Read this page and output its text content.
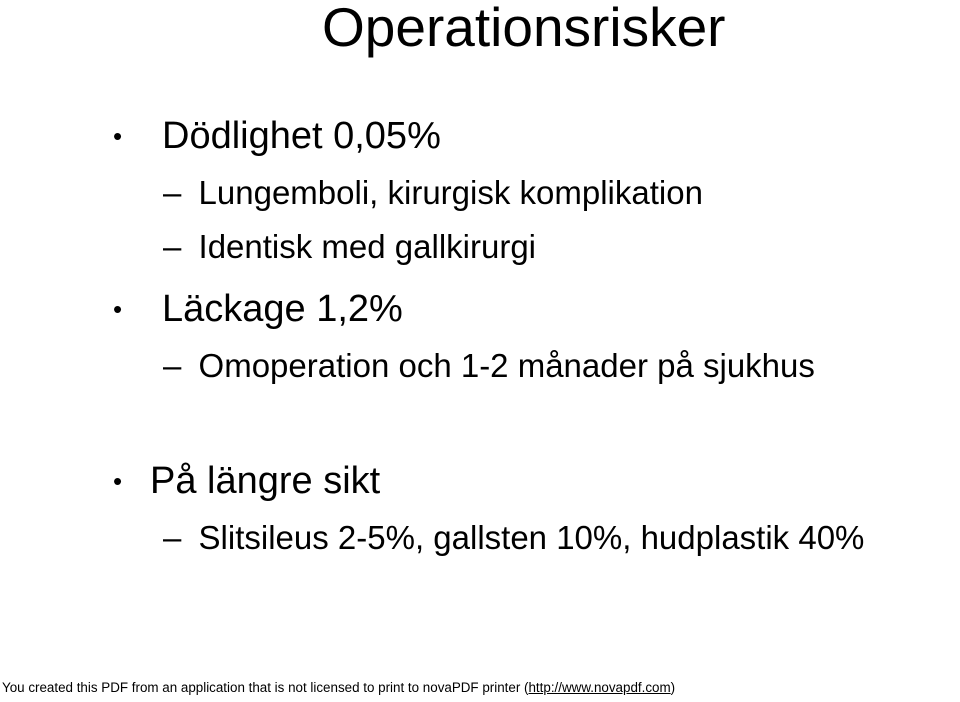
Operationsrisker
• Dödlighet 0,05%
– Lungemboli, kirurgisk komplikation
– Identisk med gallkirurgi
• Läckage 1,2%
– Omoperation och 1-2 månader på sjukhus
• På längre sikt
– Slitsileus 2-5%, gallsten 10%, hudplastik 40%
You created this PDF from an application that is not licensed to print to novaPDF printer (http://www.novapdf.com)
